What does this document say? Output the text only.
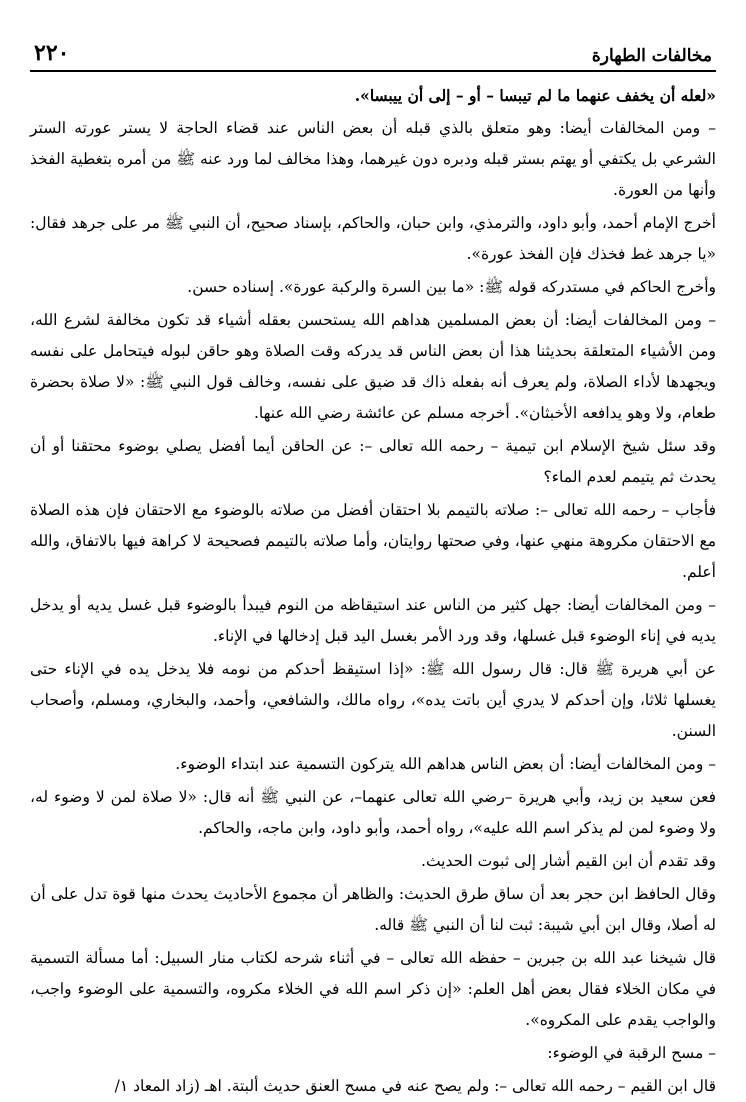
مخالفات الطهارة
٢٢٠

«لعله أن يخفف عنهما ما لم تيبسا – أو – إلى أن ييبسا».

– ومن المخالفات أيضا: وهو متعلق بالذي قبله أن بعض الناس عند قضاء الحاجة لا يستر عورته الستر الشرعي بل يكتفي أو يهتم بستر قبله ودبره دون غيرهما، وهذا مخالف لما ورد عنه ﷺ من أمره بتغطية الفخذ وأنها من العورة.

أخرج الإمام أحمد، وأبو داود، والترمذي، وابن حبان، والحاكم، بإسناد صحيح، أن النبي ﷺ مر على جرهد فقال: «يا جرهد غط فخذك فإن الفخذ عورة».

وأخرج الحاكم في مستدركه قوله ﷺ: «ما بين السرة والركبة عورة». إسناده حسن.

– ومن المخالفات أيضا: أن بعض المسلمين هداهم الله يستحسن بعقله أشياء قد تكون مخالفة لشرع الله، ومن الأشياء المتعلقة بحديثنا هذا أن بعض الناس قد يدركه وقت الصلاة وهو حاقن لبوله فيتحامل على نفسه ويجهدها لأداء الصلاة، ولم يعرف أنه بفعله ذاك قد ضيق على نفسه، وخالف قول النبي ﷺ: «لا صلاة بحضرة طعام، ولا وهو يدافعه الأخبثان». أخرجه مسلم عن عائشة رضي الله عنها.

وقد سئل شيخ الإسلام ابن تيمية – رحمه الله تعالى –: عن الحاقن أيما أفضل يصلي بوضوء محتقنا أو أن يحدث ثم يتيمم لعدم الماء؟

فأجاب – رحمه الله تعالى –: صلاته بالتيمم بلا احتقان أفضل من صلاته بالوضوء مع الاحتقان فإن هذه الصلاة مع الاحتقان مكروهة منهي عنها، وفي صحتها روايتان، وأما صلاته بالتيمم فصحيحة لا كراهة فيها بالاتفاق، والله أعلم.

– ومن المخالفات أيضا: جهل كثير من الناس عند استيقاظه من النوم فيبدأ بالوضوء قبل غسل يديه أو يدخل يديه في إناء الوضوء قبل غسلها، وقد ورد الأمر بغسل اليد قبل إدخالها في الإناء.

عن أبي هريرة ﷺ قال: قال رسول الله ﷺ: «إذا استيقظ أحدكم من نومه فلا يدخل يده في الإناء حتى يغسلها ثلاثا، وإن أحدكم لا يدري أين باتت يده»، رواه مالك، والشافعي، وأحمد، والبخاري، ومسلم، وأصحاب السنن.

– ومن المخالفات أيضا: أن بعض الناس هداهم الله يتركون التسمية عند ابتداء الوضوء.

فعن سعيد بن زيد، وأبي هريرة –رضي الله تعالى عنهما–، عن النبي ﷺ أنه قال: «لا صلاة لمن لا وضوء له، ولا وضوء لمن لم يذكر اسم الله عليه»، رواه أحمد، وأبو داود، وابن ماجه، والحاكم.

وقد تقدم أن ابن القيم أشار إلى ثبوت الحديث.

وقال الحافظ ابن حجر بعد أن ساق طرق الحديث: والظاهر أن مجموع الأحاديث يحدث منها قوة تدل على أن له أصلا، وقال ابن أبي شيبة: ثبت لنا أن النبي ﷺ قاله.

قال شيخنا عبد الله بن جبرين – حفظه الله تعالى – في أثناء شرحه لكتاب منار السبيل: أما مسألة التسمية في مكان الخلاء فقال بعض أهل العلم: «إن ذكر اسم الله في الخلاء مكروه، والتسمية على الوضوء واجب، والواجب يقدم على المكروه».

– مسح الرقبة في الوضوء:

قال ابن القيم – رحمه الله تعالى –: ولم يصح عنه في مسح العنق حديث ألبتة. اهـ (زاد المعاد ١/
